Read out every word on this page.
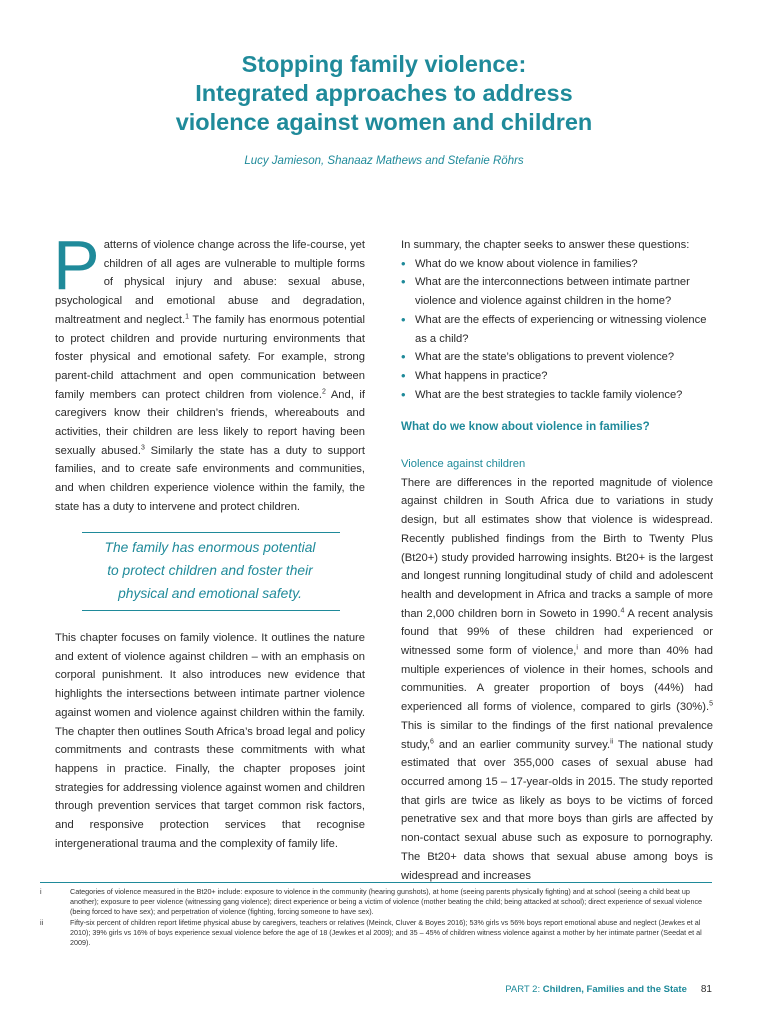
Stopping family violence:
Integrated approaches to address
violence against women and children
Lucy Jamieson, Shanaaz Mathews and Stefanie Röhrs

Patterns of violence change across the life-course, yet children of all ages are vulnerable to multiple forms of physical injury and abuse: sexual abuse, psychological and emotional abuse and degradation, maltreatment and neglect.$^1$ The family has enormous potential to protect children and provide nurturing environments that foster physical and emotional safety. For example, strong parent-child attachment and open communication between family members can protect children from violence.$^2$ And, if caregivers know their children’s friends, whereabouts and activities, their children are less likely to report having been sexually abused.$^3$ Similarly the state has a duty to support families, and to create safe environments and communities, and when children experience violence within the family, the state has a duty to intervene and protect children.

The family has enormous potential
to protect children and foster their
physical and emotional safety.

This chapter focuses on family violence. It outlines the nature and extent of violence against children – with an emphasis on corporal punishment. It also introduces new evidence that highlights the intersections between intimate partner violence against women and violence against children within the family. The chapter then outlines South Africa’s broad legal and policy commitments and contrasts these commitments with what happens in practice. Finally, the chapter proposes joint strategies for addressing violence against women and children through prevention services that target common risk factors, and responsive protection services that recognise intergenerational trauma and the complexity of family life.

In summary, the chapter seeks to answer these questions:

• What do we know about violence in families?
• What are the interconnections between intimate partner violence and violence against children in the home?
• What are the effects of experiencing or witnessing violence as a child?
• What are the state’s obligations to prevent violence?
• What happens in practice?
• What are the best strategies to tackle family violence?
What do we know about violence in families?
Violence against children

There are differences in the reported magnitude of violence against children in South Africa due to variations in study design, but all estimates show that violence is widespread. Recently published findings from the Birth to Twenty Plus (Bt20+) study provided harrowing insights. Bt20+ is the largest and longest running longitudinal study of child and adolescent health and development in Africa and tracks a sample of more than 2,000 children born in Soweto in 1990.$^4$ A recent analysis found that 99% of these children had experienced or witnessed some form of violence,$^i$ and more than 40% had multiple experiences of violence in their homes, schools and communities. A greater proportion of boys (44%) had experienced all forms of violence, compared to girls (30%).$^5$ This is similar to the findings of the first national prevalence study,$^6$ and an earlier community survey.$^{ii}$ The national study estimated that over 355,000 cases of sexual abuse had occurred among 15 – 17-year-olds in 2015. The study reported that girls are twice as likely as boys to be victims of forced penetrative sex and that more boys than girls are affected by non-contact sexual abuse such as exposure to pornography. The Bt20+ data shows that sexual abuse among boys is widespread and increases

i	Categories of violence measured in the Bt20+ include: exposure to violence in the community (hearing gunshots), at home (seeing parents physically fighting) and at school (seeing a child beat up another); exposure to peer violence (witnessing gang violence); direct experience or being a victim of violence (mother beating the child; being attacked at school); direct experience of sexual violence (being forced to have sex); and perpetration of violence (fighting, forcing someone to have sex).
ii	Fifty-six percent of children report lifetime physical abuse by caregivers, teachers or relatives (Meinck, Cluver & Boyes 2016); 53% girls vs 56% boys report emotional abuse and neglect (Jewkes et al 2010); 39% girls vs 16% of boys experience sexual violence before the age of 18 (Jewkes et al 2009); and 35 – 45% of children witness violence against a mother by her intimate partner (Seedat et al 2009).
PART 2: Children, Families and the State 81
